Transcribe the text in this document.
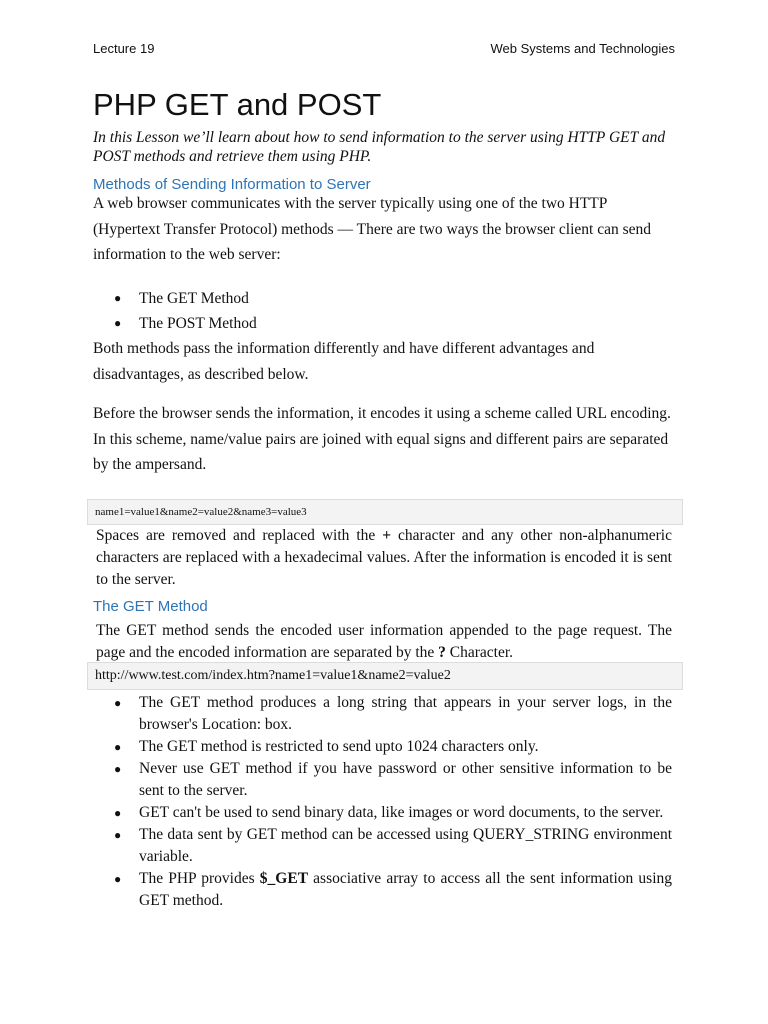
Lecture 19	Web Systems and Technologies
PHP GET and POST

In this Lesson we’ll learn about how to send information to the server using HTTP GET and POST methods and retrieve them using PHP.

Methods of Sending Information to Server

A web browser communicates with the server typically using one of the two HTTP (Hypertext Transfer Protocol) methods — There are two ways the browser client can send information to the web server:

● The GET Method
● The POST Method

Both methods pass the information differently and have different advantages and disadvantages, as described below.

Before the browser sends the information, it encodes it using a scheme called URL encoding. In this scheme, name/value pairs are joined with equal signs and different pairs are separated by the ampersand.

name1=value1&name2=value2&name3=value3

Spaces are removed and replaced with the + character and any other non-alphanumeric characters are replaced with a hexadecimal values. After the information is encoded it is sent to the server.

The GET Method

The GET method sends the encoded user information appended to the page request. The page and the encoded information are separated by the ? Character.

http://www.test.com/index.htm?name1=value1&name2=value2
● The GET method produces a long string that appears in your server logs, in the browser's Location: box.
● The GET method is restricted to send upto 1024 characters only.
● Never use GET method if you have password or other sensitive information to be sent to the server.
● GET can't be used to send binary data, like images or word documents, to the server.
● The data sent by GET method can be accessed using QUERY_STRING environment variable.
● The PHP provides $_GET associative array to access all the sent information using GET method.
